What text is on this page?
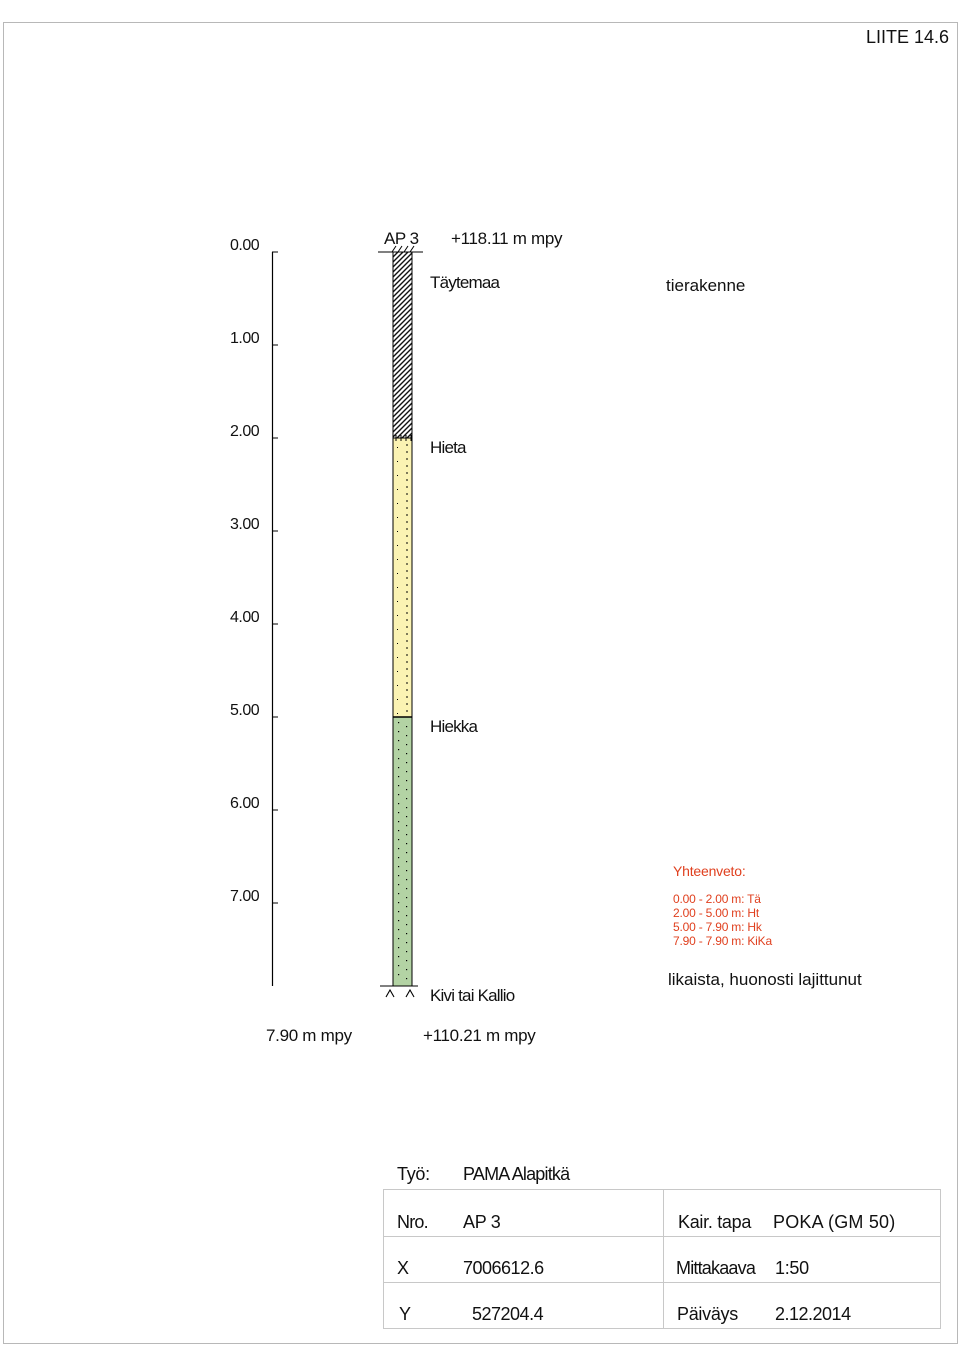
LIITE 14.6
AP 3 +118.11 m mpy
0.00
1.00
2.00
3.00
4.00
5.00
6.00
7.00
Täytemaa
Hieta
Hiekka
Kivi tai Kallio
tierakenne
likaista, huonosti lajittunut
Yhteenveto:
0.00 - 2.00 m: Tä
2.00 - 5.00 m: Ht
5.00 - 7.90 m: Hk
7.90 - 7.90 m: KiKa
7.90 m mpy	+110.21 m mpy
Työ: PAMA Alapitkä
Nro. AP 3	Kair. tapa POKA (GM 50)
X	7006612.6	Mittakaava 1:50
Y	527204.4	Päiväys 2.12.2014
